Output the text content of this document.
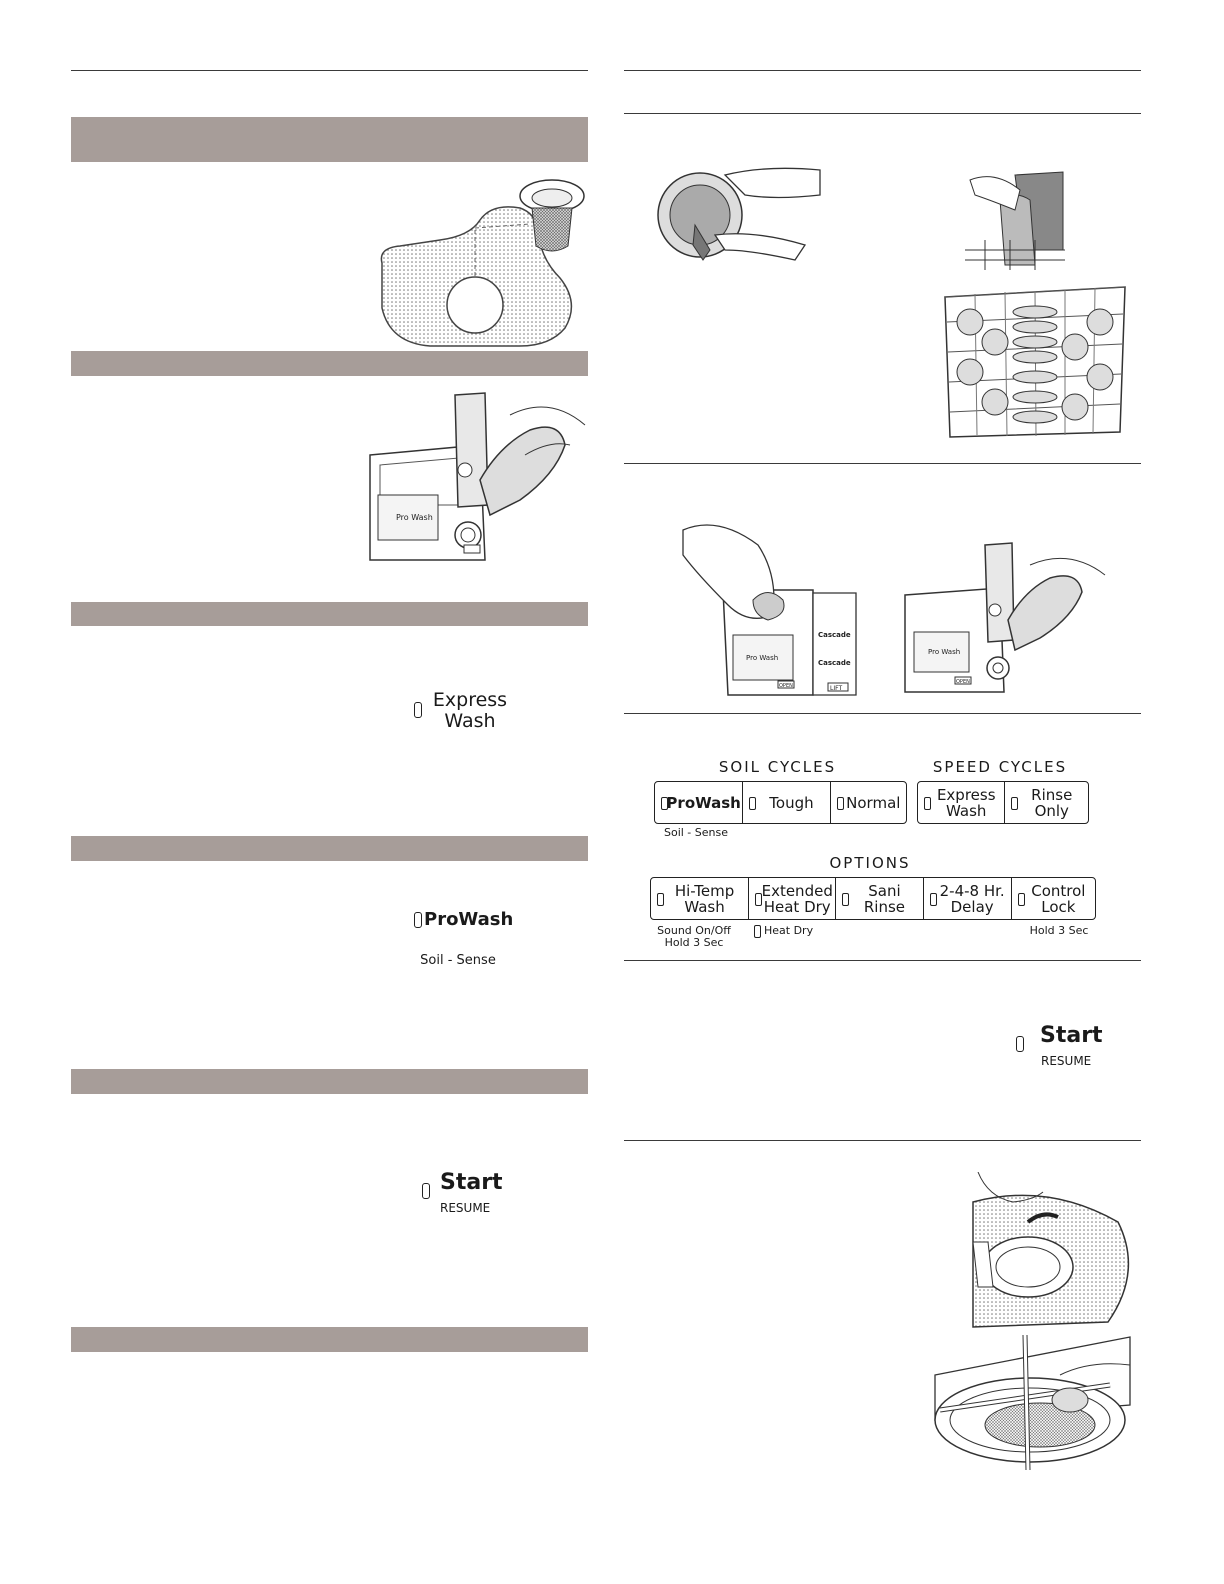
Pro Wash
Express
Wash
ProWash
Soil - Sense
Start
RESUME
Pro Wash
OPEN
Cascade
Cascade
LIFT
Pro Wash
OPEN
SOIL CYCLES	SPEED CYCLES
ProWash	Tough	Normal	Express
Wash
Rinse
Only
Soil - Sense
OPTIONS
Hi-Temp
Wash
Extended
Heat Dry
Sani
Rinse
2-4-8 Hr.
Delay
Control
Lock
Sound On/Off
Hold 3 Sec
Heat Dry	Hold 3 Sec
Start
RESUME
